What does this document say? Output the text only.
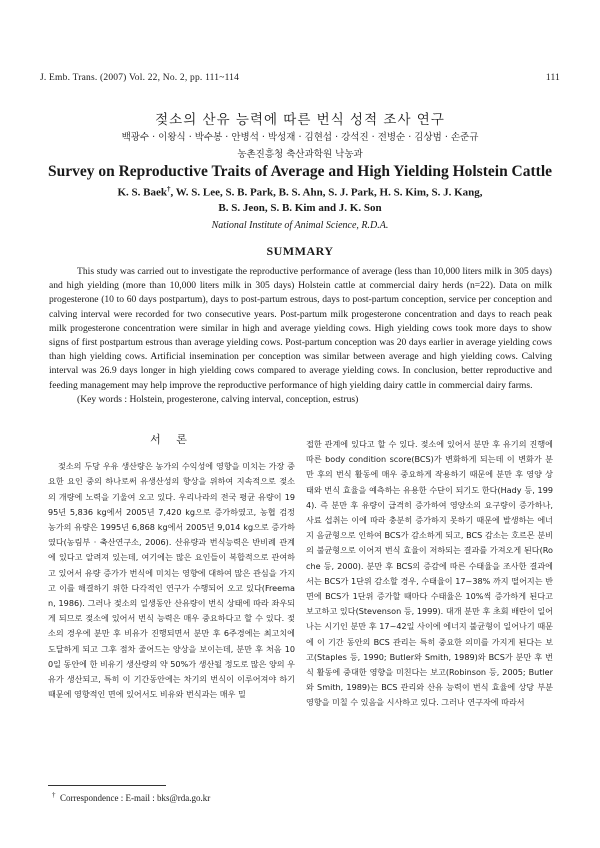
J. Emb. Trans. (2007) Vol. 22, No. 2, pp. 111~114	111
젖소의 산유 능력에 따른 번식 성적 조사 연구
백광수 · 이왕식 · 박수봉 · 안병석 · 박성재 · 김현섭 · 강석진 · 전병순 · 김상범 · 손준규
농촌진흥청 축산과학원 낙농과
Survey on Reproductive Traits of Average and High Yielding Holstein Cattle
K. S. Baek†, W. S. Lee, S. B. Park, B. S. Ahn, S. J. Park, H. S. Kim, S. J. Kang,
B. S. Jeon, S. B. Kim and J. K. Son
National Institute of Animal Science, R.D.A.
SUMMARY

This study was carried out to investigate the reproductive performance of average (less than 10,000 liters milk in 305 days) and high yielding (more than 10,000 liters milk in 305 days) Holstein cattle at commercial dairy herds (n=22). Data on milk progesterone (10 to 60 days postpartum), days to post-partum estrous, days to post-partum conception, service per conception and calving interval were recorded for two consecutive years. Post-partum milk progesterone concentration and days to reach peak milk progesterone concentration were similar in high and average yielding cows. High yielding cows took more days to show signs of first postpartum estrous than average yielding cows. Post-partum conception was 20 days earlier in average yielding cows than high yielding cows. Artificial insemination per conception was similar between average and high yielding cows. Calving interval was 26.9 days longer in high yielding cows compared to average yielding cows. In conclusion, better reproductive and feeding management may help improve the reproductive performance of high yielding dairy cattle in commercial dairy farms.

(Key words : Holstein, progesterone, calving interval, conception, estrus)

서 론

젖소의 두당 우유 생산량은 농가의 수익성에 영향을 미치는 가장 중요한 요인 중의 하나로써 유생산성의 향상을 위하여 지속적으로 젖소의 개량에 노력을 기울여 오고 있다. 우리나라의 전국 평균 유량이 1995년 5,836 kg에서 2005년 7,420 kg으로 증가하였고, 농협 검정 농가의 유량은 1995년 6,868 kg에서 2005년 9,014 kg으로 증가하였다(농림부 · 축산연구소, 2006). 산유량과 번식능력은 반비례 관계에 있다고 알려져 있는데, 여기에는 많은 요인들이 복합적으로 관여하고 있어서 유량 증가가 번식에 미치는 영향에 대하여 많은 관심을 가지고 이를 해결하기 위한 다각적인 연구가 수행되어 오고 있다(Freeman, 1986). 그러나 젖소의 일생동안 산유량이 번식 상태에 따라 좌우되게 되므로 젖소에 있어서 번식 능력은 매우 중요하다고 할 수 있다. 젖소의 경우에 분만 후 비유가 진행되면서 분만 후 6주경에는 최고치에 도달하게 되고 그후 점차 줄어드는 양상을 보이는데, 분만 후 처음 100일 동안에 한 비유기 생산량의 약 50%가 생산될 정도로 많은 양의 우유가 생산되고, 특히 이 기간동안에는 차기의 번식이 이루어져야 하기 때문에 영향적인 면에 있어서도 비유와 번식과는 매우 밀

접한 관계에 있다고 할 수 있다. 젖소에 있어서 분만 후 유기의 진행에 따른 body condition score(BCS)가 변화하게 되는데 이 변화가 분만 후의 번식 활동에 매우 중요하게 작용하기 때문에 분만 후 영양 상태와 번식 효율을 예측하는 유용한 수단이 되기도 한다(Hady 등, 1994). 즉 분만 후 유량이 급격히 증가하여 영양소의 요구량이 증가하나, 사료 섭취는 이에 따라 충분히 증가하지 못하기 때문에 발생하는 에너지 음균형으로 인하여 BCS가 감소하게 되고, BCS 감소는 호르몬 분비의 불균형으로 이어져 번식 효율이 저하되는 결과를 가져오게 된다(Roche 등, 2000). 분만 후 BCS의 증감에 따른 수태율을 조사한 결과에서는 BCS가 1단위 감소할 경우, 수태율이 17~38% 까지 떨어지는 반면에 BCS가 1단위 증가할 때마다 수태율은 10%씩 증가하게 된다고 보고하고 있다(Stevenson 등, 1999). 대개 분만 후 초회 배란이 일어나는 시기인 분만 후 17~42일 사이에 에너지 불균형이 일어나기 때문에 이 기간 동안의 BCS 관리는 특히 중요한 의미를 가지게 된다는 보고(Staples 등, 1990; Butler와 Smith, 1989)와 BCS가 분만 후 번식 활동에 중대한 영향을 미친다는 보고(Robinson 등, 2005; Butler와 Smith, 1989)는 BCS 관리와 산유 능력이 번식 효율에 상당 부분 영향을 미칠 수 있음을 시사하고 있다. 그러나 연구자에 따라서

† Correspondence : E-mail : bks@rda.go.kr
